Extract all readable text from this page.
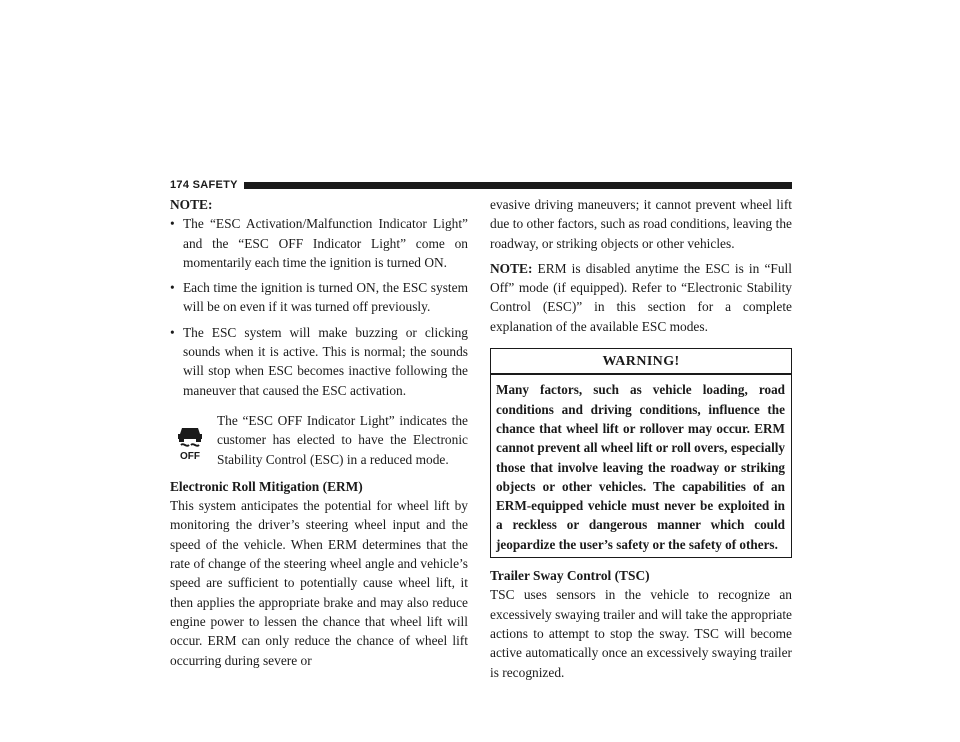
174 SAFETY

NOTE:

• The “ESC Activation/Malfunction Indicator Light” and the “ESC OFF Indicator Light” come on momentarily each time the ignition is turned ON.
• Each time the ignition is turned ON, the ESC system will be on even if it was turned off previously.
• The ESC system will make buzzing or clicking sounds when it is active. This is normal; the sounds will stop when ESC becomes inactive following the maneuver that caused the ESC activation.
OFF

The “ESC OFF Indicator Light” indicates the customer has elected to have the Electronic Stability Control (ESC) in a reduced mode.

Electronic Roll Mitigation (ERM)

This system anticipates the potential for wheel lift by monitoring the driver’s steering wheel input and the speed of the vehicle. When ERM determines that the rate of change of the steering wheel angle and vehicle’s speed are sufficient to potentially cause wheel lift, it then applies the appropriate brake and may also reduce engine power to lessen the chance that wheel lift will occur. ERM can only reduce the chance of wheel lift occurring during severe or

evasive driving maneuvers; it cannot prevent wheel lift due to other factors, such as road conditions, leaving the roadway, or striking objects or other vehicles.

NOTE: ERM is disabled anytime the ESC is in “Full Off” mode (if equipped). Refer to “Electronic Stability Control (ESC)” in this section for a complete explanation of the available ESC modes.

WARNING!
Many factors, such as vehicle loading, road conditions and driving conditions, influence the chance that wheel lift or rollover may occur. ERM cannot prevent all wheel lift or roll overs, especially those that involve leaving the roadway or striking objects or other vehicles. The capabilities of an ERM-equipped vehicle must never be exploited in a reckless or dangerous manner which could jeopardize the user’s safety or the safety of others.

Trailer Sway Control (TSC)

TSC uses sensors in the vehicle to recognize an excessively swaying trailer and will take the appropriate actions to attempt to stop the sway. TSC will become active automatically once an excessively swaying trailer is recognized.
